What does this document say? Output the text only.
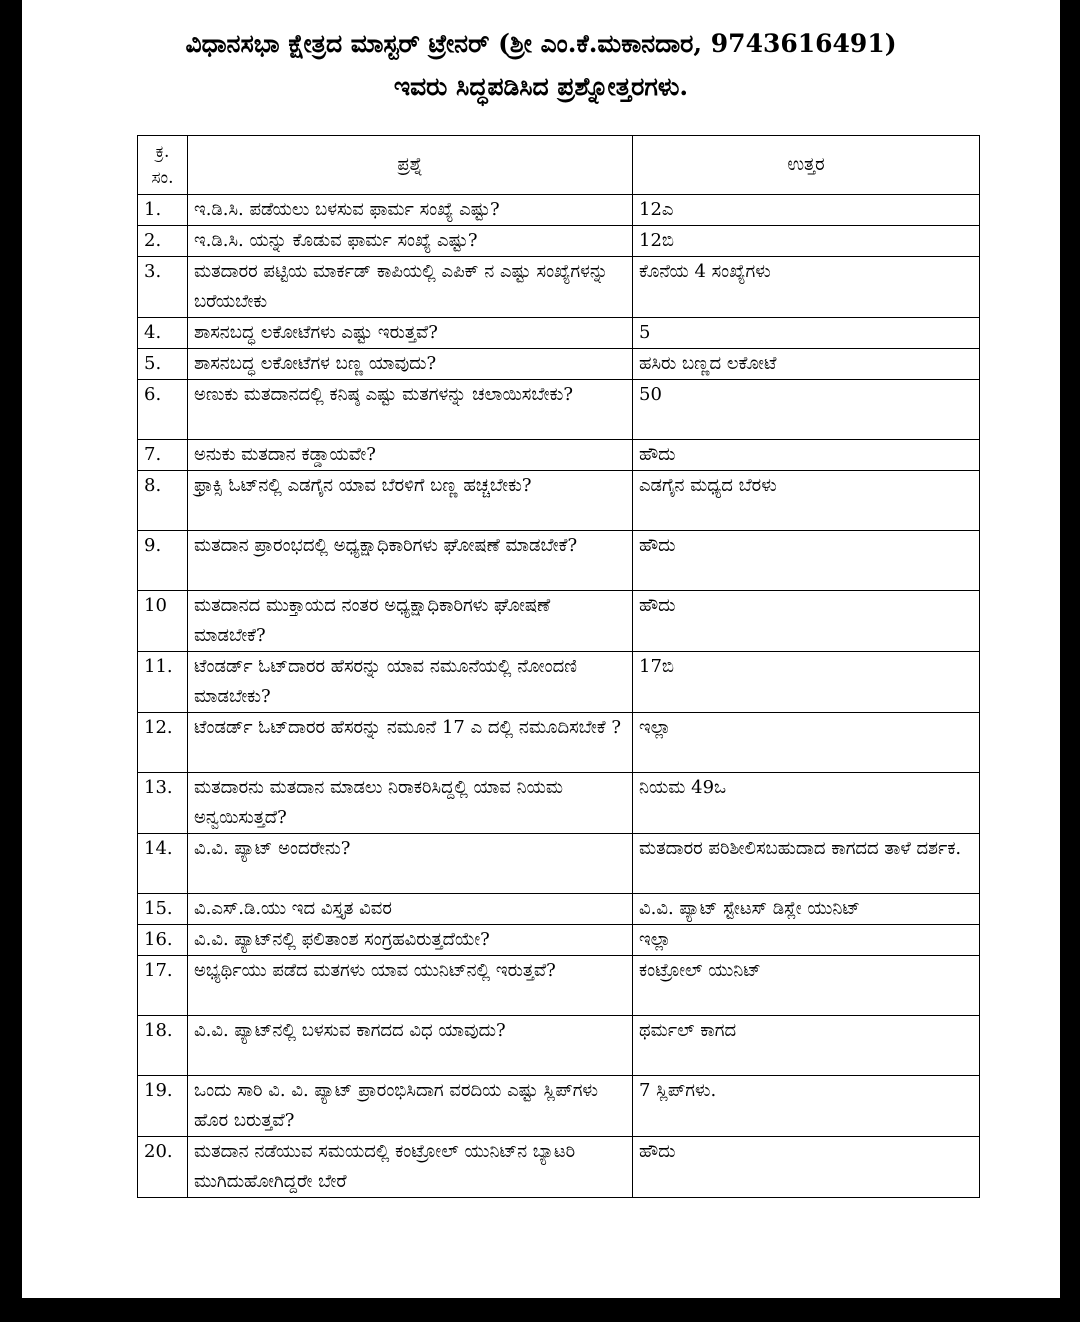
ವಿಧಾನಸಭಾ ಕ್ಷೇತ್ರದ ಮಾಸ್ಟರ್ ಟ್ರೇನರ್ (ಶ್ರೀ ಎಂ.ಕೆ.ಮಕಾನದಾರ, 9743616491)
ಇವರು ಸಿದ್ಧಪಡಿಸಿದ ಪ್ರಶ್ನೋತ್ತರಗಳು.
ಕ್ರ. ಸಂ.	ಪ್ರಶ್ನೆ	ಉತ್ತರ
1.	ಇ.ಡಿ.ಸಿ. ಪಡೆಯಲು ಬಳಸುವ ಫಾರ್ಮ ಸಂಖ್ಯೆ ಎಷ್ಟು?	12ಎ
2.	ಇ.ಡಿ.ಸಿ. ಯನ್ನು ಕೊಡುವ ಫಾರ್ಮ ಸಂಖ್ಯೆ ಎಷ್ಟು?	12ಬಿ
3.	ಮತದಾರರ ಪಟ್ಟಿಯ ಮಾರ್ಕಡ್ ಕಾಪಿಯಲ್ಲಿ ಎಪಿಕ್ ನ ಎಷ್ಟು ಸಂಖ್ಯೆಗಳನ್ನು ಬರೆಯಬೇಕು	ಕೊನೆಯ 4 ಸಂಖ್ಯೆಗಳು
4.	ಶಾಸನಬದ್ಧ ಲಕೋಟೆಗಳು ಎಷ್ಟು ಇರುತ್ತವೆ?	5
5.	ಶಾಸನಬದ್ಧ ಲಕೋಟೆಗಳ ಬಣ್ಣ ಯಾವುದು?	ಹಸಿರು ಬಣ್ಣದ ಲಕೋಟೆ
6.	ಅಣುಕು ಮತದಾನದಲ್ಲಿ ಕನಿಷ್ಠ ಎಷ್ಟು ಮತಗಳನ್ನು ಚಲಾಯಿಸಬೇಕು?	50
7.	ಅನುಕು ಮತದಾನ ಕಡ್ಡಾಯವೇ?	ಹೌದು
8.	ಫ್ರಾಕ್ಸಿ ಓಟ್‌ನಲ್ಲಿ ಎಡಗೈನ ಯಾವ ಬೆರಳಿಗೆ ಬಣ್ಣ ಹಚ್ಚಬೇಕು?	ಎಡಗೈನ ಮಧ್ಯದ ಬೆರಳು
9.	ಮತದಾನ ಪ್ರಾರಂಭದಲ್ಲಿ ಅಧ್ಯಕ್ಷಾಧಿಕಾರಿಗಳು ಘೋಷಣೆ ಮಾಡಬೇಕೆ?	ಹೌದು
10	ಮತದಾನದ ಮುಕ್ತಾಯದ ನಂತರ ಅಧ್ಯಕ್ಷಾಧಿಕಾರಿಗಳು ಘೋಷಣೆ ಮಾಡಬೇಕೆ?	ಹೌದು
11.	ಟೆಂಡರ್ಡ್ ಓಟ್‌ದಾರರ ಹೆಸರನ್ನು ಯಾವ ನಮೂನೆಯಲ್ಲಿ ನೋಂದಣಿ ಮಾಡಬೇಕು?	17ಬಿ
12.	ಟೆಂಡರ್ಡ್ ಓಟ್‌ದಾರರ ಹೆಸರನ್ನು ನಮೂನೆ 17 ಎ ದಲ್ಲಿ ನಮೂದಿಸಬೇಕೆ ?	ಇಲ್ಲಾ
13.	ಮತದಾರನು ಮತದಾನ ಮಾಡಲು ನಿರಾಕರಿಸಿದ್ದಲ್ಲಿ ಯಾವ ನಿಯಮ ಅನ್ವಯಿಸುತ್ತದೆ?	ನಿಯಮ 49ಒ
14.	ವಿ.ವಿ. ಪ್ಯಾಟ್ ಅಂದರೇನು?	ಮತದಾರರ ಪರಿಶೀಲಿಸಬಹುದಾದ ಕಾಗದದ ತಾಳೆ ದರ್ಶಕ.
15.	ವಿ.ಎಸ್.ಡಿ.ಯು ಇದ ವಿಸ್ತೃತ ವಿವರ	ವಿ.ವಿ. ಪ್ಯಾಟ್ ಸ್ಟೇಟಸ್ ಡಿಸ್ಲೇ ಯುನಿಟ್
16.	ವಿ.ವಿ. ಪ್ಯಾಟ್‌ನಲ್ಲಿ ಫಲಿತಾಂಶ ಸಂಗ್ರಹವಿರುತ್ತದೆಯೇ?	ಇಲ್ಲಾ
17.	ಅಭ್ಯರ್ಥಿಯು ಪಡೆದ ಮತಗಳು ಯಾವ ಯುನಿಟ್‌ನಲ್ಲಿ ಇರುತ್ತವೆ?	ಕಂಟ್ರೋಲ್ ಯುನಿಟ್
18.	ವಿ.ವಿ. ಪ್ಯಾಟ್‌ನಲ್ಲಿ ಬಳಸುವ ಕಾಗದದ ವಿಧ ಯಾವುದು?	ಥರ್ಮಲ್ ಕಾಗದ
19.	ಒಂದು ಸಾರಿ ವಿ. ವಿ. ಪ್ಯಾಟ್ ಪ್ರಾರಂಭಿಸಿದಾಗ ವರದಿಯ ಎಷ್ಟು ಸ್ಲಿಪ್‌ಗಳು ಹೊರ ಬರುತ್ತವೆ?	7 ಸ್ಲಿಪ್‌ಗಳು.
20.	ಮತದಾನ ನಡೆಯುವ ಸಮಯದಲ್ಲಿ ಕಂಟ್ರೋಲ್ ಯುನಿಟ್‌ನ ಬ್ಯಾಟರಿ ಮುಗಿದುಹೋಗಿದ್ದರೇ ಬೇರೆ	ಹೌದು
